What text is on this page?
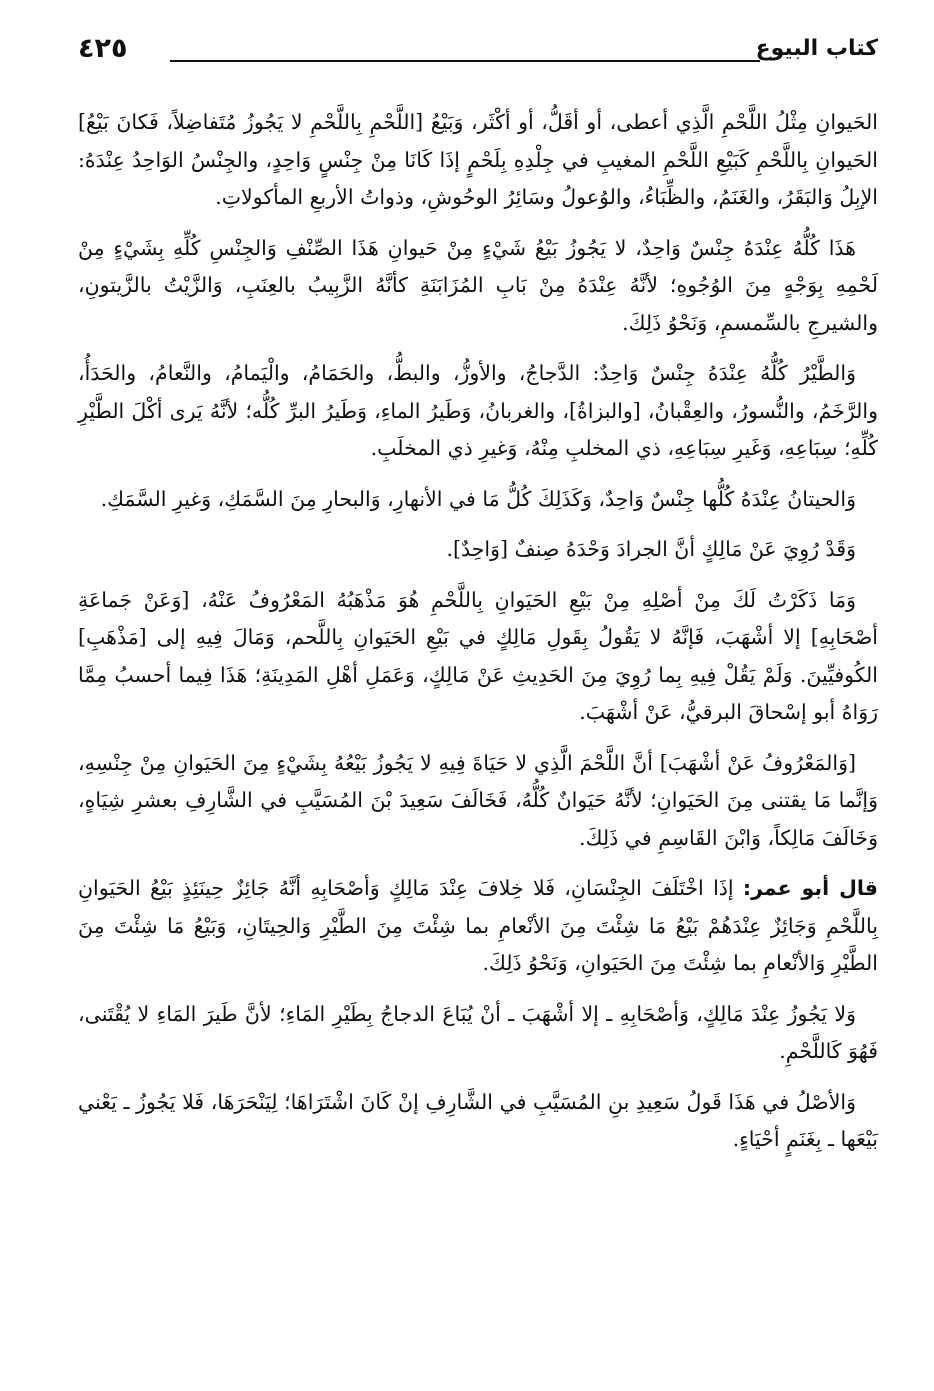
كتاب البيوع
٤٢٥

الحَيوانِ مِثْلُ اللَّحْمِ الَّذِي أعطى، أو أقَلُّ، أو أكْثَر، وَبَيْعُ [اللَّحْمِ بِاللَّحْمِ لا يَجُوزُ مُتَفاضِلاً، فَكانَ بَيْعُ] الحَيوانِ بِاللَّحْمِ كَبَيْعِ اللَّحْمِ المغيبِ في جِلْدِهِ بِلَحْمٍ إذَا كَانَا مِنْ جِنْسٍ وَاحِدٍ، والجِنْسُ الوَاحِدُ عِنْدَهُ: الإبِلُ وَالبَقَرُ، والغَنَمُ، والظِّبَاءُ، والوُعولُ وسَائِرُ الوحُوشِ، وذواتُ الأربعِ المأكولاتِ.

هَذَا كُلُّهُ عِنْدَهُ جِنْسٌ وَاحِدٌ، لا يَجُوزُ بَيْعُ شَيْءٍ مِنْ حَيوانِ هَذَا الصِّنْفِ وَالجِنْسِ كُلِّهِ بِشَيْءٍ مِنْ لَحْمِهِ بِوَجْهٍ مِنَ الوُجُوهِ؛ لأنَّهُ عِنْدَهُ مِنْ بَابِ المُزَابَنَةِ كأنَّهُ الزَّبِيبُ بالعِنَبِ، وَالزَّيْتُ بالزَّيتونِ، والشيرجِ بالسِّمسمِ، وَنَحْوُ ذَلِكَ.

وَالطَّيْرُ كُلُّهُ عِنْدَهُ جِنْسٌ وَاحِدٌ: الدَّجاجُ، والأوزُّ، والبطُّ، والحَمَامُ، والْيَمامُ، والنَّعامُ، والحَدَأُ، والرَّخَمُ، والنُّسورُ، والعِقْبانُ، [والبزاةُ]، والغربانُ، وَطَيرُ الماءِ، وَطَيرُ البرِّ كُلُّه؛ لأنَّهُ يَرى أكْلَ الطَّيْرِ كُلِّهِ؛ سِبَاعِهِ، وَغَيرِ سِبَاعِهِ، ذي المخلبِ مِنْهُ، وَغيرِ ذي المخلَبِ.

وَالحيتانُ عِنْدَهُ كُلُّها جِنْسٌ وَاحِدٌ، وَكَذَلِكَ كُلُّ مَا في الأنهارِ، وَالبحارِ مِنَ السَّمَكِ، وَغيرِ السَّمَكِ.

وَقَدْ رُوِيَ عَنْ مَالِكٍ أنَّ الجرادَ وَحْدَهُ صِنفٌ [وَاحِدٌ].

وَمَا ذَكَرْتُ لَكَ مِنْ أصْلِهِ مِنْ بَيْعِ الحَيَوانِ بِاللَّحْمِ هُوَ مَذْهَبُهُ المَعْرُوفُ عَنْهُ، [وَعَنْ جَماعَةِ أصْحَابِهِ] إلا أشْهَبَ، فَإنَّهُ لا يَقُولُ بِقَولِ مَالِكٍ في بَيْعِ الحَيَوانِ بِاللَّحم، وَمَالَ فِيهِ إلى [مَذْهَبِ] الكُوفيِّينَ. وَلَمْ يَقُلْ فِيهِ بِما رُوِيَ مِنَ الحَدِيثِ عَنْ مَالِكٍ، وَعَمَلِ أهْلِ المَدِينَةِ؛ هَذَا فِيما أحسبُ مِمَّا رَوَاهُ أبو إسْحاقَ البرقيُّ، عَنْ أشْهَبَ.

[وَالمَعْرُوفُ عَنْ أشْهَبَ] أنَّ اللَّحْمَ الَّذِي لا حَيَاةَ فِيهِ لا يَجُوزُ بَيْعُهُ بِشَيْءٍ مِنَ الحَيَوانِ مِنْ جِنْسِهِ، وَإنَّما مَا يقتنى مِنَ الحَيَوانِ؛ لأنَّهُ حَيَوانٌ كُلُّهُ، فَخَالَفَ سَعِيدَ بْنَ المُسَيَّبِ في الشَّارِفِ بعشرِ شِيَاهٍ، وَخَالَفَ مَالِكاً، وَابْنَ القَاسِمِ في ذَلِكَ.

قال أبو عمر: إذَا اخْتَلَفَ الجِنْسَانِ، فَلا خِلافَ عِنْدَ مَالِكٍ وَأصْحَابِهِ أنَّهُ جَائِزٌ حِينَئِذٍ بَيْعُ الحَيَوانِ بِاللَّحْمِ وَجَائِزٌ عِنْدَهُمْ بَيْعُ مَا شِئْتَ مِنَ الأنْعامِ بما شِئْتَ مِنَ الطَّيْرِ وَالحِيتَانِ، وَبَيْعُ مَا شِئْتَ مِنَ الطَّيْرِ وَالأنْعامِ بما شِئْتَ مِنَ الحَيَوانِ، وَنَحْوُ ذَلِكَ.

وَلا يَجُوزُ عِنْدَ مَالِكٍ، وَأصْحَابِهِ ـ إلا أشْهَبَ ـ أنْ يُبَاعَ الدجاجُ بِطَيْرِ المَاءِ؛ لأنَّ طَيرَ المَاءِ لا يُقْتَنى، فَهُوَ كَاللَّحْمِ.

وَالأصْلُ في هَذَا قَولُ سَعِيدِ بنِ المُسَيَّبِ في الشَّارِفِ إنْ كَانَ اشْتَرَاهَا؛ لِيَنْحَرَهَا، فَلا يَجُوزُ ـ يَعْني بَيْعَها ـ بِغَنَمٍ أحْيَاءٍ.
